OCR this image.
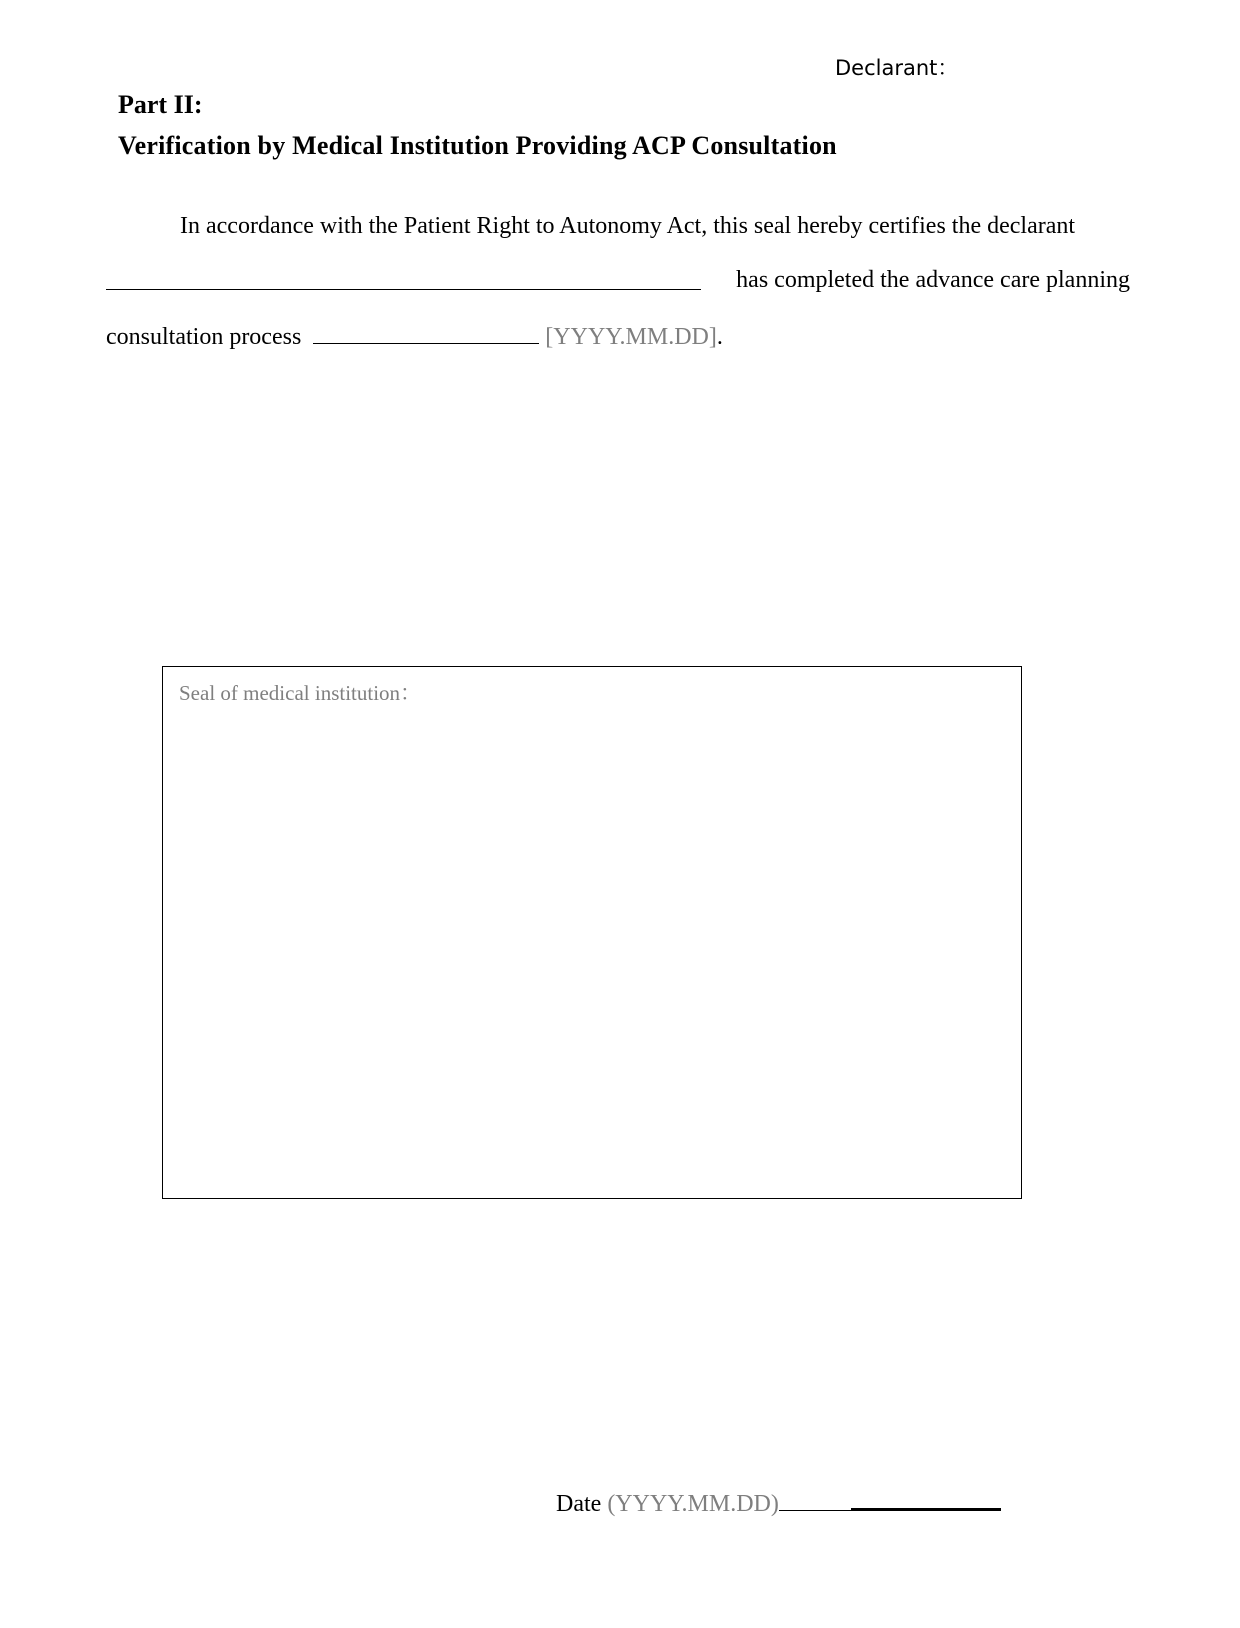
Declarant：
Part II:
Verification by Medical Institution Providing ACP Consultation
In accordance with the Patient Right to Autonomy Act, this seal hereby certifies the declarant
has completed the advance care planning
consultation process	[YYYY.MM.DD].
Seal of medical institution：
Date (YYYY.MM.DD)
